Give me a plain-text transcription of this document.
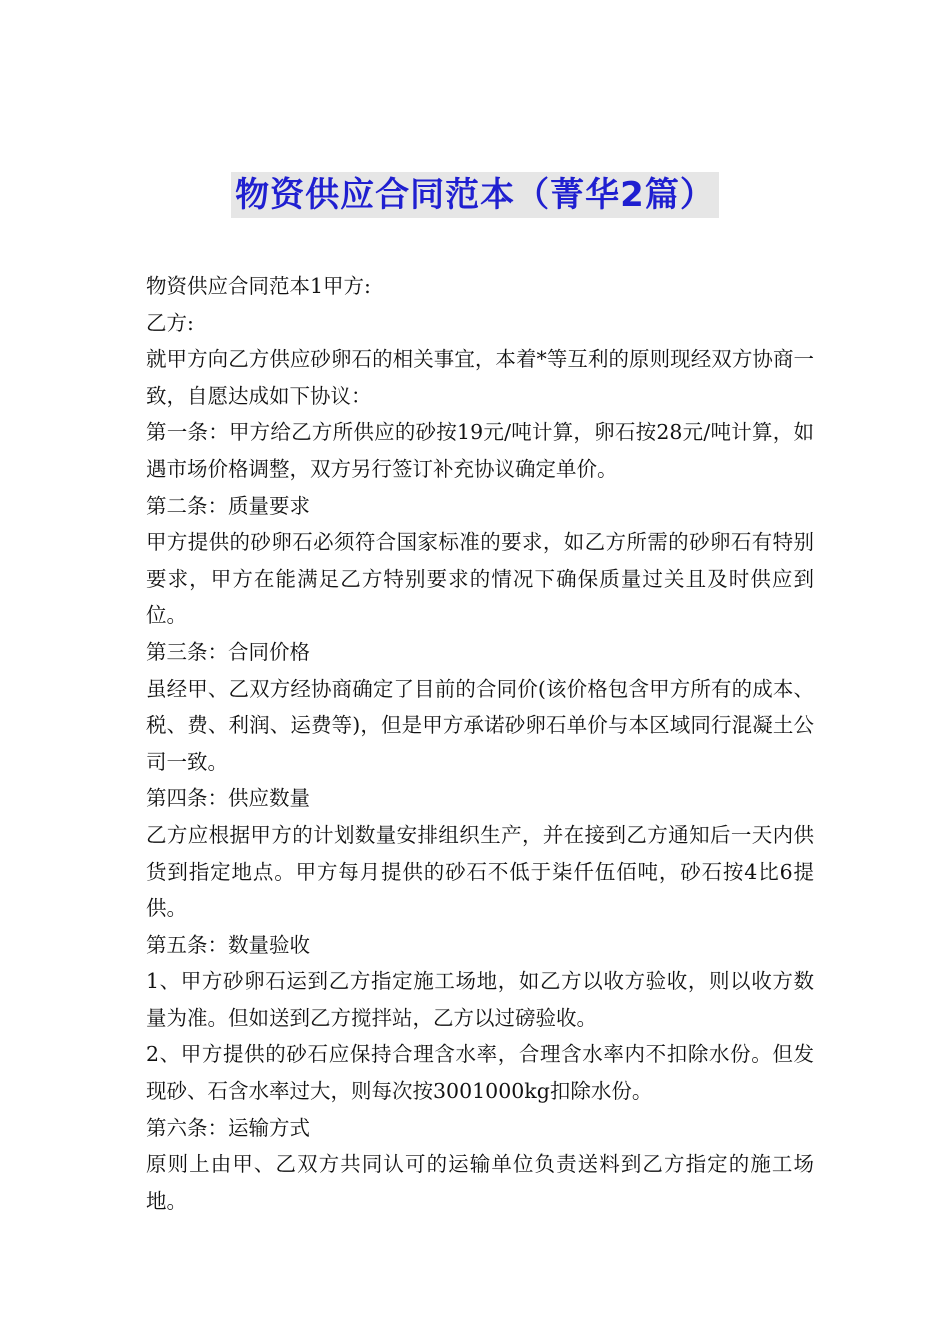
物资供应合同范本（菁华2篇）

物资供应合同范本1甲方:

乙方:

就甲方向乙方供应砂卵石的相关事宜，本着*等互利的原则现经双方协商一致，自愿达成如下协议：

第一条：甲方给乙方所供应的砂按19元/吨计算，卵石按28元/吨计算，如遇市场价格调整，双方另行签订补充协议确定单价。

第二条：质量要求

甲方提供的砂卵石必须符合国家标准的要求，如乙方所需的砂卵石有特别要求，甲方在能满足乙方特别要求的情况下确保质量过关且及时供应到位。

第三条：合同价格

虽经甲、乙双方经协商确定了目前的合同价(该价格包含甲方所有的成本、税、费、利润、运费等)，但是甲方承诺砂卵石单价与本区域同行混凝土公司一致。

第四条：供应数量

乙方应根据甲方的计划数量安排组织生产，并在接到乙方通知后一天内供货到指定地点。甲方每月提供的砂石不低于柒仟伍佰吨，砂石按4比6提供。

第五条：数量验收

1、甲方砂卵石运到乙方指定施工场地，如乙方以收方验收，则以收方数量为准。但如送到乙方搅拌站，乙方以过磅验收。

2、甲方提供的砂石应保持合理含水率，合理含水率内不扣除水份。但发现砂、石含水率过大，则每次按3001000kg扣除水份。

第六条：运输方式

原则上由甲、乙双方共同认可的运输单位负责送料到乙方指定的施工场地。
